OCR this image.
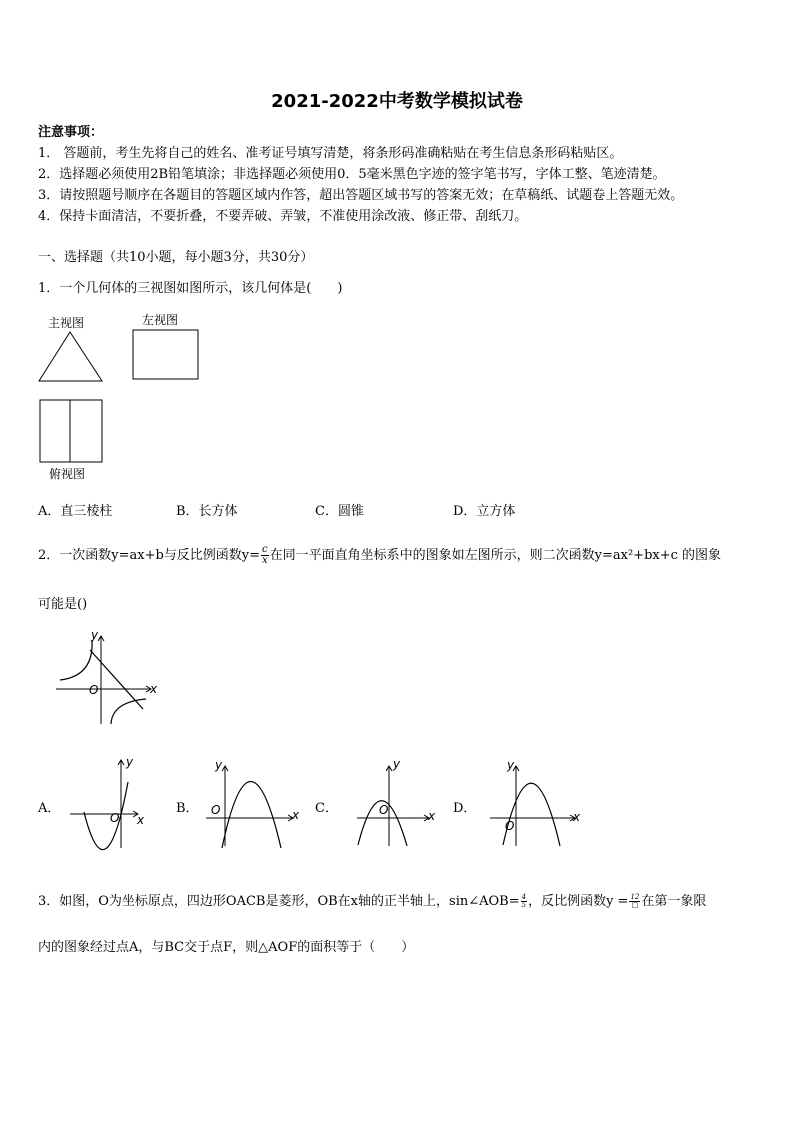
2021-2022中考数学模拟试卷
注意事项：
1． 答题前，考生先将自己的姓名、准考证号填写清楚，将条形码准确粘贴在考生信息条形码粘贴区。
2．选择题必须使用2B铅笔填涂；非选择题必须使用0．5毫米黑色字迹的签字笔书写，字体工整、笔迹清楚。
3．请按照题号顺序在各题目的答题区域内作答，超出答题区域书写的答案无效；在草稿纸、试题卷上答题无效。
4．保持卡面清洁，不要折叠，不要弄破、弄皱，不准使用涂改液、修正带、刮纸刀。
一、选择题（共10小题，每小题3分，共30分）
1．一个几何体的三视图如图所示，该几何体是(　　)
主视图	左视图
俯视图
A．直三棱柱	B．长方体	C．圆锥	D．立方体
2．一次函数y=ax+b与反比例函数$y= \frac{c}{x}$ 在同一平面直角坐标系中的图象如左图所示，则二次函数y=ax²+bx+c 的图象
可能是()
y
x
O
A．
y
x
O
B．
y
x
O	C．
y
x
O	D．
y
x
O
3．如图，O为坐标原点，四边形OACB是菱形，OB在x轴的正半轴上，sin∠AOB= $\frac{4}{5}$ ，反比例函数$y = \frac{12}{□}$ 在第一象限
内的图象经过点A，与BC交于点F，则△AOF的面积等于（　　）
